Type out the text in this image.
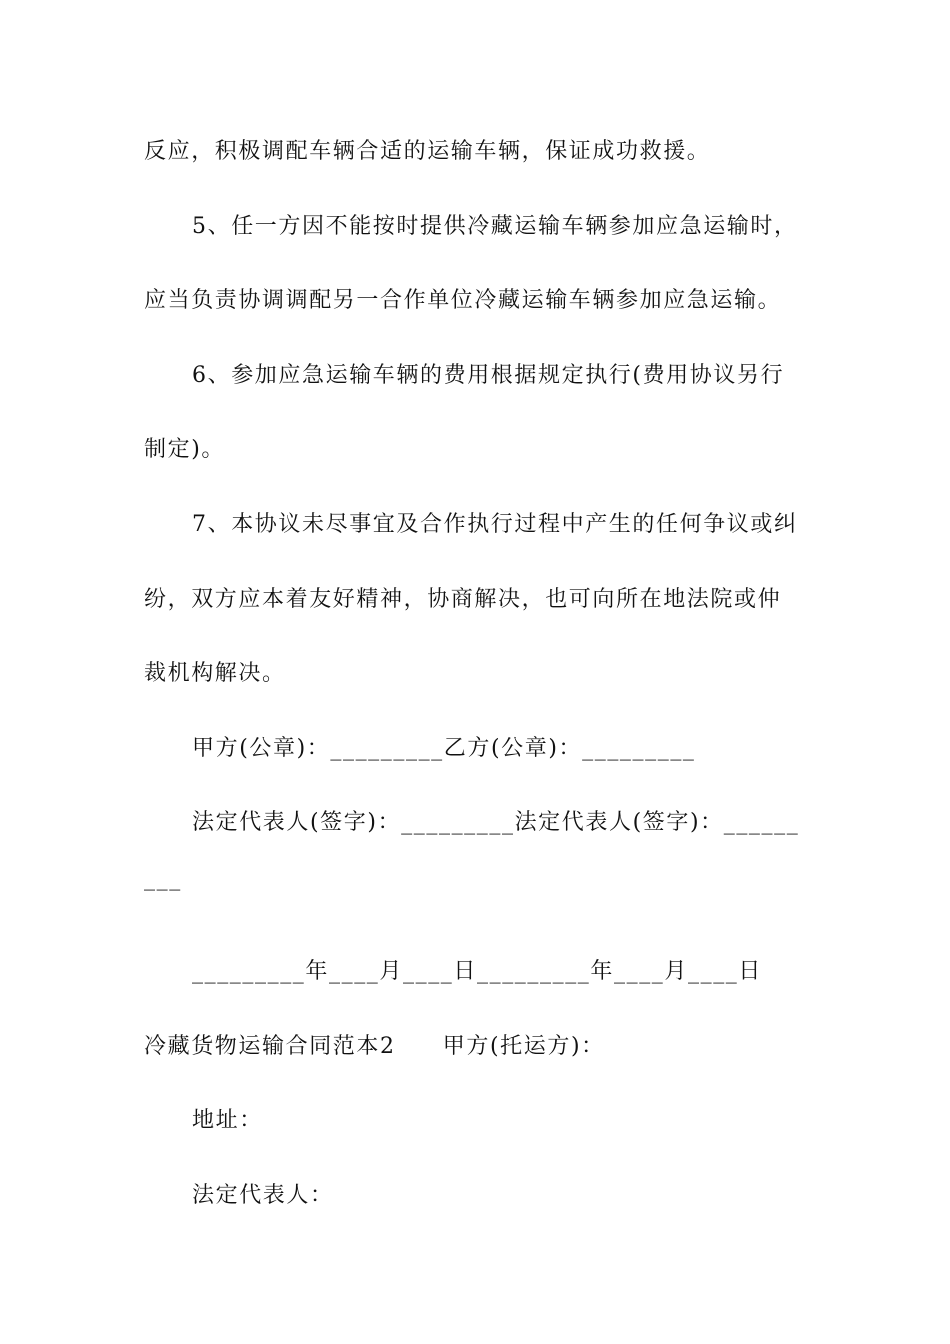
反应，积极调配车辆合适的运输车辆，保证成功救援。
5、任一方因不能按时提供冷藏运输车辆参加应急运输时，
应当负责协调调配另一合作单位冷藏运输车辆参加应急运输。
6、参加应急运输车辆的费用根据规定执行(费用协议另行
制定)。
7、本协议未尽事宜及合作执行过程中产生的任何争议或纠
纷，双方应本着友好精神，协商解决，也可向所在地法院或仲
裁机构解决。
甲方(公章)：_________乙方(公章)：_________
法定代表人(签字)：_________法定代表人(签字)：______
___
_________年____月____日_________年____月____日
冷藏货物运输合同范本2　　甲方(托运方)：
地址：
法定代表人：
